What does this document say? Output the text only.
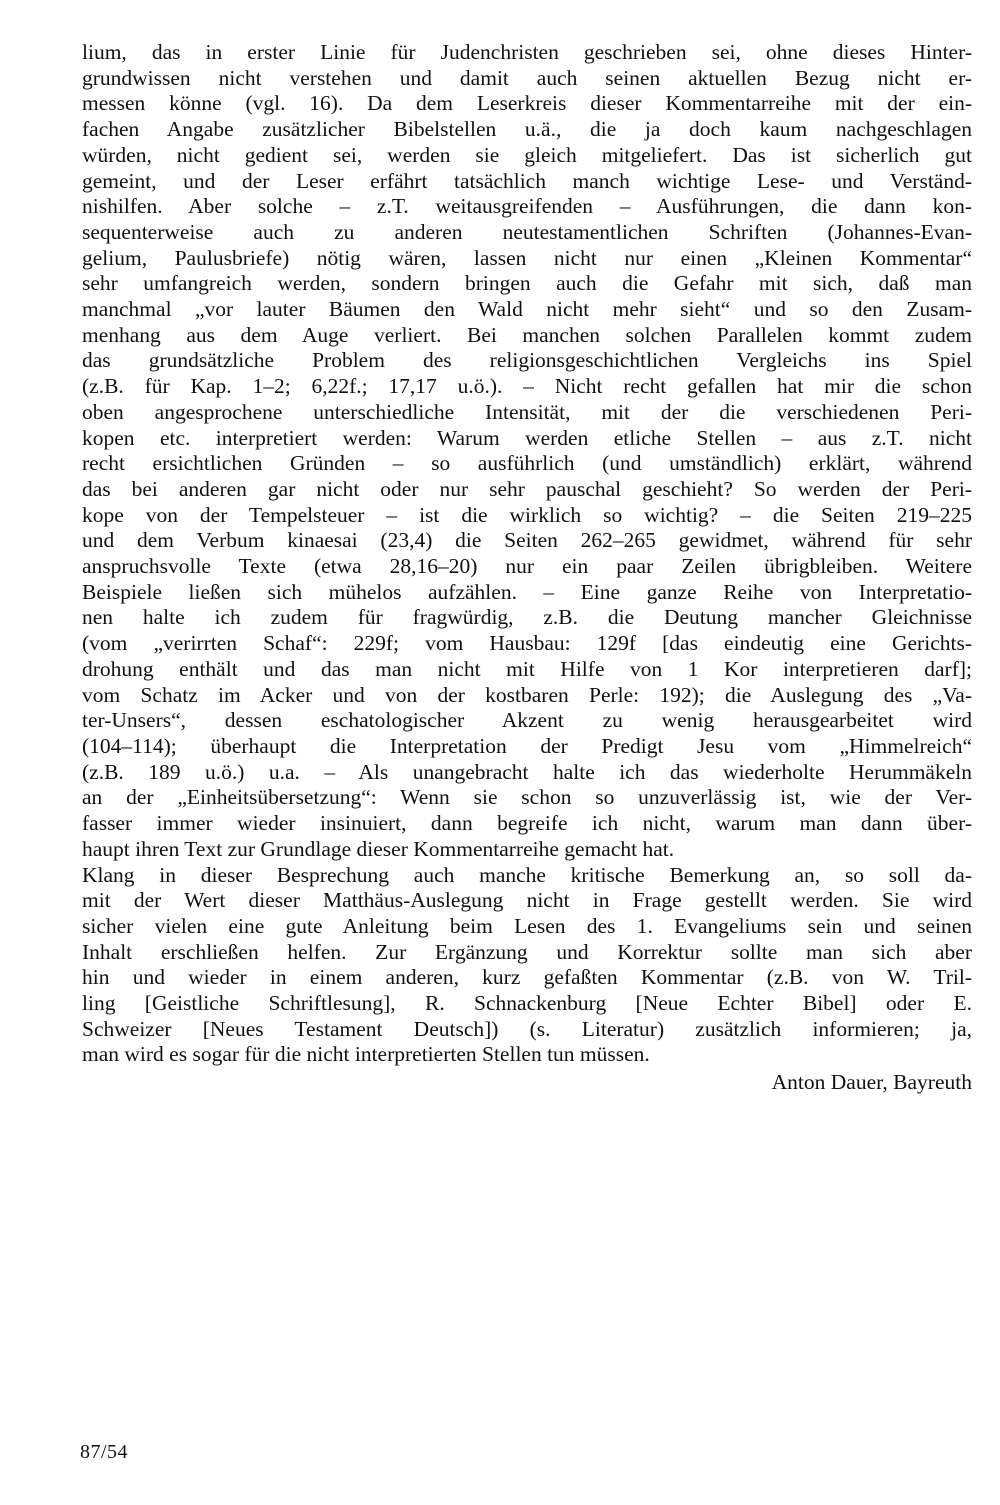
lium, das in erster Linie für Judenchristen geschrieben sei, ohne dieses Hinter-
grundwissen nicht verstehen und damit auch seinen aktuellen Bezug nicht er-
messen könne (vgl. 16). Da dem Leserkreis dieser Kommentarreihe mit der ein-
fachen Angabe zusätzlicher Bibelstellen u.ä., die ja doch kaum nachgeschlagen
würden, nicht gedient sei, werden sie gleich mitgeliefert. Das ist sicherlich gut
gemeint, und der Leser erfährt tatsächlich manch wichtige Lese- und Verständ-
nishilfen. Aber solche – z.T. weitausgreifenden – Ausführungen, die dann kon-
sequenterweise auch zu anderen neutestamentlichen Schriften (Johannes-Evan-
gelium, Paulusbriefe) nötig wären, lassen nicht nur einen „Kleinen Kommentar“
sehr umfangreich werden, sondern bringen auch die Gefahr mit sich, daß man
manchmal „vor lauter Bäumen den Wald nicht mehr sieht“ und so den Zusam-
menhang aus dem Auge verliert. Bei manchen solchen Parallelen kommt zudem
das grundsätzliche Problem des religionsgeschichtlichen Vergleichs ins Spiel
(z.B. für Kap. 1–2; 6,22f.; 17,17 u.ö.). – Nicht recht gefallen hat mir die schon
oben angesprochene unterschiedliche Intensität, mit der die verschiedenen Peri-
kopen etc. interpretiert werden: Warum werden etliche Stellen – aus z.T. nicht
recht ersichtlichen Gründen – so ausführlich (und umständlich) erklärt, während
das bei anderen gar nicht oder nur sehr pauschal geschieht? So werden der Peri-
kope von der Tempelsteuer – ist die wirklich so wichtig? – die Seiten 219–225
und dem Verbum kinaesai (23,4) die Seiten 262–265 gewidmet, während für sehr
anspruchsvolle Texte (etwa 28,16–20) nur ein paar Zeilen übrigbleiben. Weitere
Beispiele ließen sich mühelos aufzählen. – Eine ganze Reihe von Interpretatio-
nen halte ich zudem für fragwürdig, z.B. die Deutung mancher Gleichnisse
(vom „verirrten Schaf“: 229f; vom Hausbau: 129f [das eindeutig eine Gerichts-
drohung enthält und das man nicht mit Hilfe von 1 Kor interpretieren darf];
vom Schatz im Acker und von der kostbaren Perle: 192); die Auslegung des „Va-
ter-Unsers“, dessen eschatologischer Akzent zu wenig herausgearbeitet wird
(104–114); überhaupt die Interpretation der Predigt Jesu vom „Himmelreich“
(z.B. 189 u.ö.) u.a. – Als unangebracht halte ich das wiederholte Herummäkeln
an der „Einheitsübersetzung“: Wenn sie schon so unzuverlässig ist, wie der Ver-
fasser immer wieder insinuiert, dann begreife ich nicht, warum man dann über-
haupt ihren Text zur Grundlage dieser Kommentarreihe gemacht hat.
Klang in dieser Besprechung auch manche kritische Bemerkung an, so soll da-
mit der Wert dieser Matthäus-Auslegung nicht in Frage gestellt werden. Sie wird
sicher vielen eine gute Anleitung beim Lesen des 1. Evangeliums sein und seinen
Inhalt erschließen helfen. Zur Ergänzung und Korrektur sollte man sich aber
hin und wieder in einem anderen, kurz gefaßten Kommentar (z.B. von W. Tril-
ling [Geistliche Schriftlesung], R. Schnackenburg [Neue Echter Bibel] oder E.
Schweizer [Neues Testament Deutsch]) (s. Literatur) zusätzlich informieren; ja,
man wird es sogar für die nicht interpretierten Stellen tun müssen.
Anton Dauer, Bayreuth
87/54
